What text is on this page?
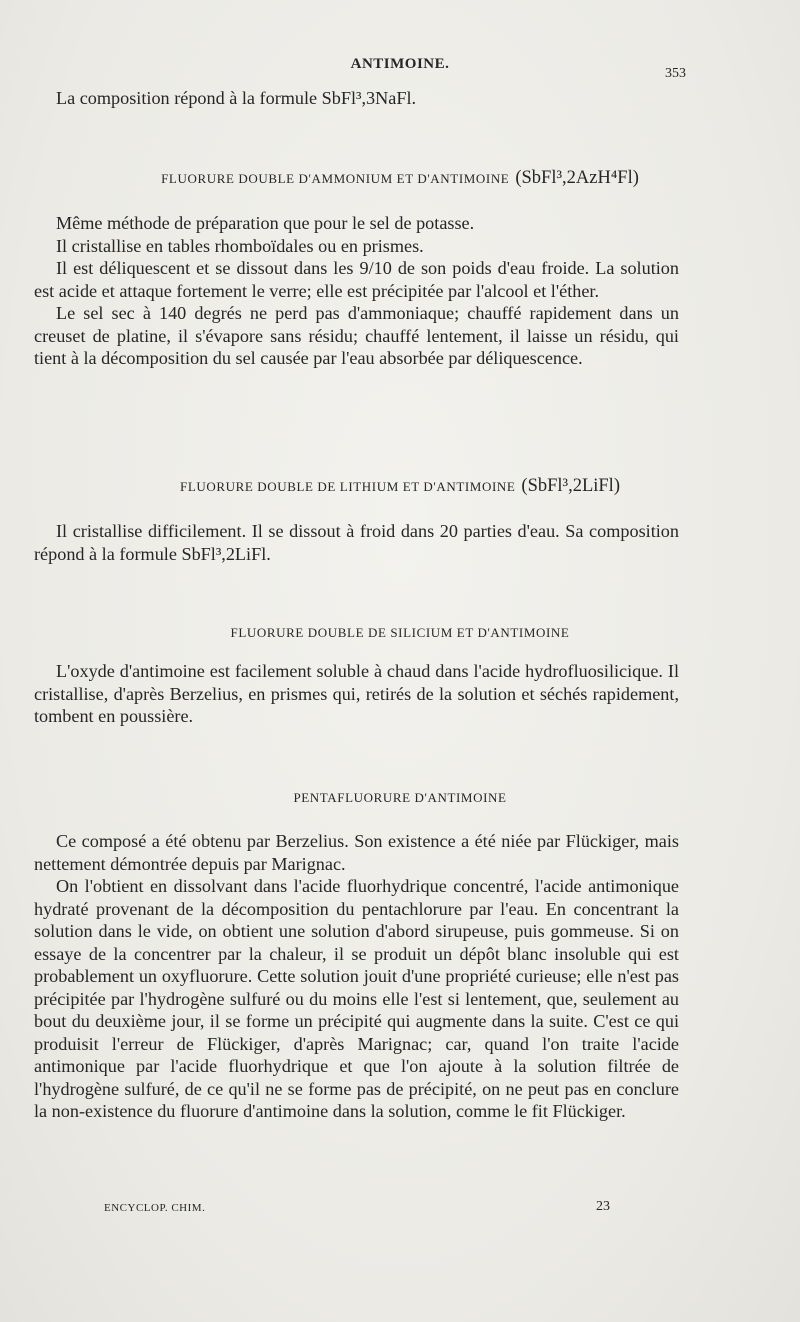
ANTIMOINE.
353

La composition répond à la formule SbFl³,3NaFl.

FLUORURE DOUBLE D'AMMONIUM ET D'ANTIMOINE (SbFl³,2AzH⁴Fl)

Même méthode de préparation que pour le sel de potasse.

Il cristallise en tables rhomboïdales ou en prismes.

Il est déliquescent et se dissout dans les 9/10 de son poids d'eau froide. La solution est acide et attaque fortement le verre; elle est précipitée par l'alcool et l'éther.

Le sel sec à 140 degrés ne perd pas d'ammoniaque; chauffé rapidement dans un creuset de platine, il s'évapore sans résidu; chauffé lentement, il laisse un résidu, qui tient à la décomposition du sel causée par l'eau absorbée par déliquescence.

FLUORURE DOUBLE DE LITHIUM ET D'ANTIMOINE (SbFl³,2LiFl)

Il cristallise difficilement. Il se dissout à froid dans 20 parties d'eau. Sa composition répond à la formule SbFl³,2LiFl.

FLUORURE DOUBLE DE SILICIUM ET D'ANTIMOINE

L'oxyde d'antimoine est facilement soluble à chaud dans l'acide hydrofluosilicique. Il cristallise, d'après Berzelius, en prismes qui, retirés de la solution et séchés rapidement, tombent en poussière.

PENTAFLUORURE D'ANTIMOINE

Ce composé a été obtenu par Berzelius. Son existence a été niée par Flückiger, mais nettement démontrée depuis par Marignac.

On l'obtient en dissolvant dans l'acide fluorhydrique concentré, l'acide antimonique hydraté provenant de la décomposition du pentachlorure par l'eau. En concentrant la solution dans le vide, on obtient une solution d'abord sirupeuse, puis gommeuse. Si on essaye de la concentrer par la chaleur, il se produit un dépôt blanc insoluble qui est probablement un oxyfluorure. Cette solution jouit d'une propriété curieuse; elle n'est pas précipitée par l'hydrogène sulfuré ou du moins elle l'est si lentement, que, seulement au bout du deuxième jour, il se forme un précipité qui augmente dans la suite. C'est ce qui produisit l'erreur de Flückiger, d'après Marignac; car, quand l'on traite l'acide antimonique par l'acide fluorhydrique et que l'on ajoute à la solution filtrée de l'hydrogène sulfuré, de ce qu'il ne se forme pas de précipité, on ne peut pas en conclure la non-existence du fluorure d'antimoine dans la solution, comme le fit Flückiger.

ENCYCLOP. CHIM.	23
